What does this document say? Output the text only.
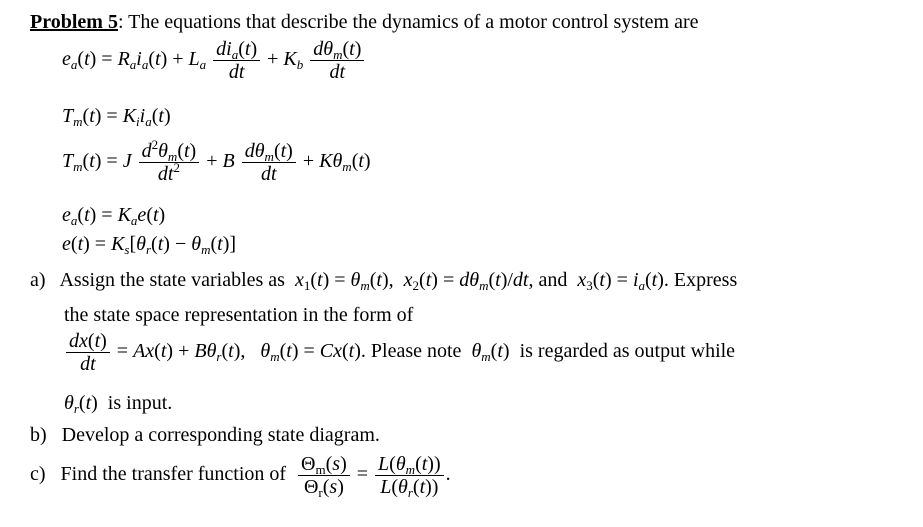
Problem 5: The equations that describe the dynamics of a motor control system are
$e_a(t) = R_ai_a(t) + L_a \frac{di_a(t)}{dt} + K_b \frac{d\theta_m(t)}{dt}$
$T_m(t) = K_ii_a(t)$
$T_m(t) = J \frac{d^2\theta_m(t)}{dt^2} + B \frac{d\theta_m(t)}{dt} + K\theta_m(t)$
$e_a(t) = K_ae(t)$
$e(t) = K_s[\theta_r(t) - \theta_m(t)]$
a) Assign the state variables as $x_1(t) = \theta_m(t)$, $x_2(t) = d\theta_m(t)/dt$, and $x_3(t) = i_a(t)$. Express
the state space representation in the form of
$\frac{dx(t)}{dt} = Ax(t) + B\theta_r(t)$,   $\theta_m(t) = Cx(t)$. Please note $\theta_m(t)$  is regarded as output while
$\theta_r(t)$  is input.
b) Develop a corresponding state diagram.
c) Find the transfer function of $\frac{\Theta_m(s)}{\Theta_r(s)} = \frac{L(\theta_m(t))}{L(\theta_r(t))}$ .
